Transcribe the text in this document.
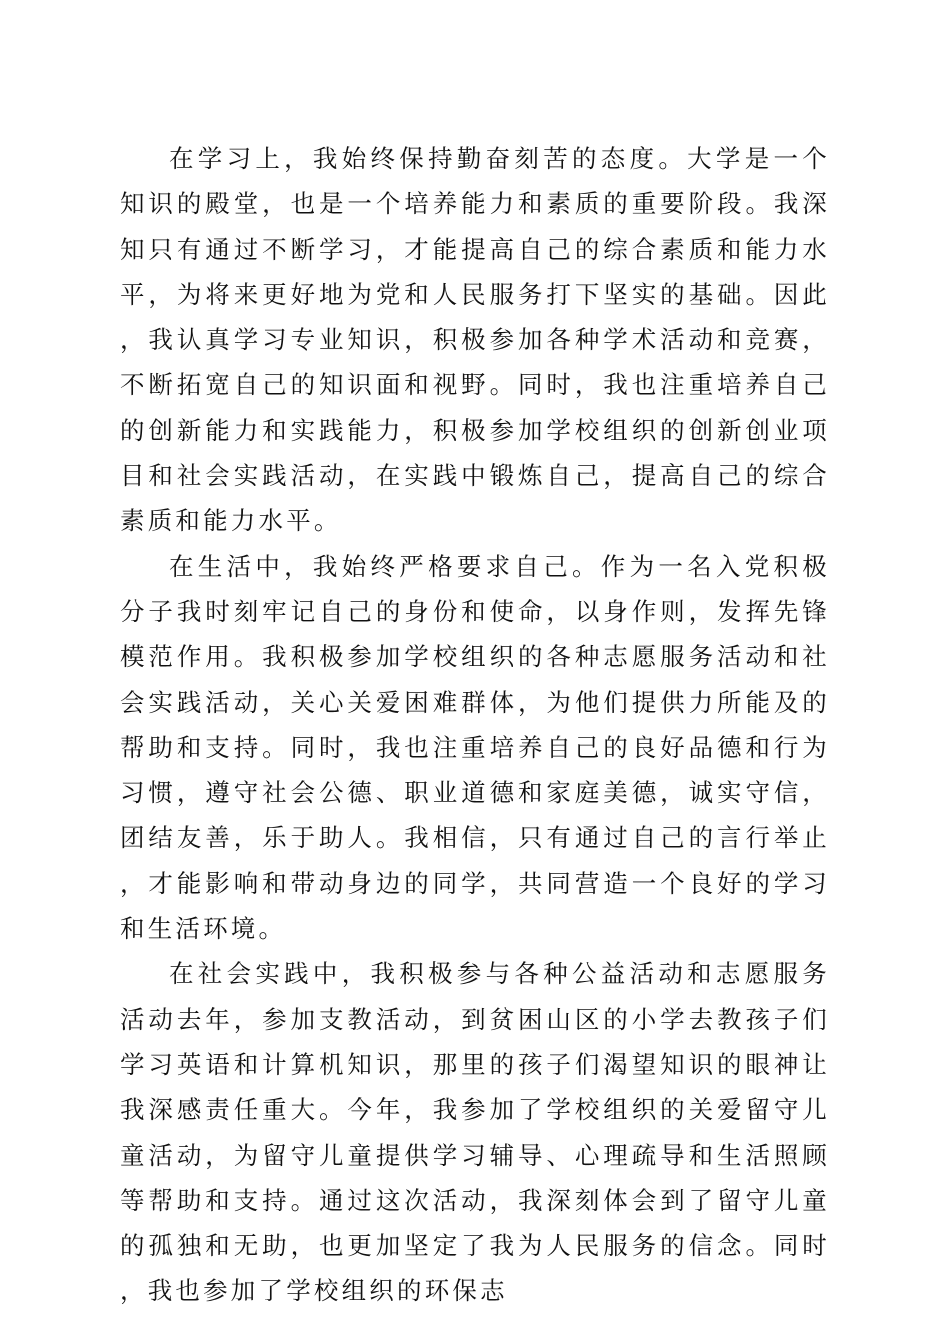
在学习上，我始终保持勤奋刻苦的态度。大学是一个知识的殿堂，也是一个培养能力和素质的重要阶段。我深知只有通过不断学习，才能提高自己的综合素质和能力水平，为将来更好地为党和人民服务打下坚实的基础。因此，我认真学习专业知识，积极参加各种学术活动和竞赛，不断拓宽自己的知识面和视野。同时，我也注重培养自己的创新能力和实践能力，积极参加学校组织的创新创业项目和社会实践活动，在实践中锻炼自己，提高自己的综合素质和能力水平。

在生活中，我始终严格要求自己。作为一名入党积极分子我时刻牢记自己的身份和使命，以身作则，发挥先锋模范作用。我积极参加学校组织的各种志愿服务活动和社会实践活动，关心关爱困难群体，为他们提供力所能及的帮助和支持。同时，我也注重培养自己的良好品德和行为习惯，遵守社会公德、职业道德和家庭美德，诚实守信，团结友善，乐于助人。我相信，只有通过自己的言行举止，才能影响和带动身边的同学，共同营造一个良好的学习和生活环境。

在社会实践中，我积极参与各种公益活动和志愿服务活动去年，参加支教活动，到贫困山区的小学去教孩子们学习英语和计算机知识，那里的孩子们渴望知识的眼神让我深感责任重大。今年，我参加了学校组织的关爱留守儿童活动，为留守儿童提供学习辅导、心理疏导和生活照顾等帮助和支持。通过这次活动，我深刻体会到了留守儿童的孤独和无助，也更加坚定了我为人民服务的信念。同时，我也参加了学校组织的环保志
